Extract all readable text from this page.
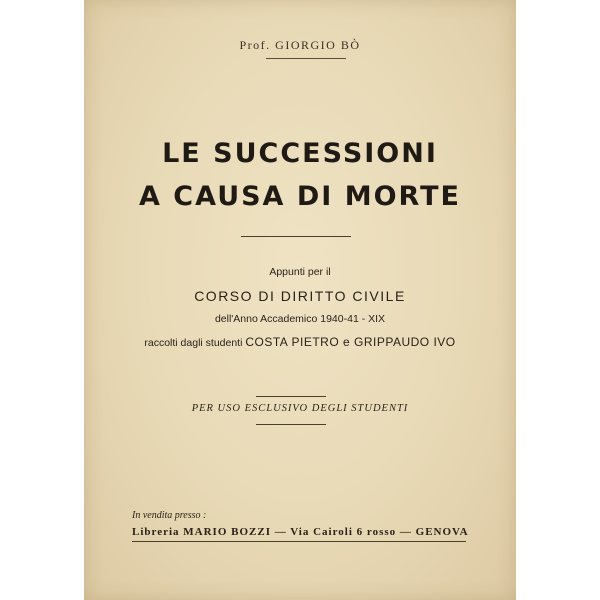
Prof. GIORGIO BÒ
LE SUCCESSIONI
A CAUSA DI MORTE
Appunti per il
CORSO DI DIRITTO CIVILE
dell'Anno Accademico 1940-41 - XIX
raccolti dagli studenti COSTA PIETRO e GRIPPAUDO IVO
PER USO ESCLUSIVO DEGLI STUDENTI
In vendita presso :
Libreria MARIO BOZZI — Via Cairoli 6 rosso — GENOVA
